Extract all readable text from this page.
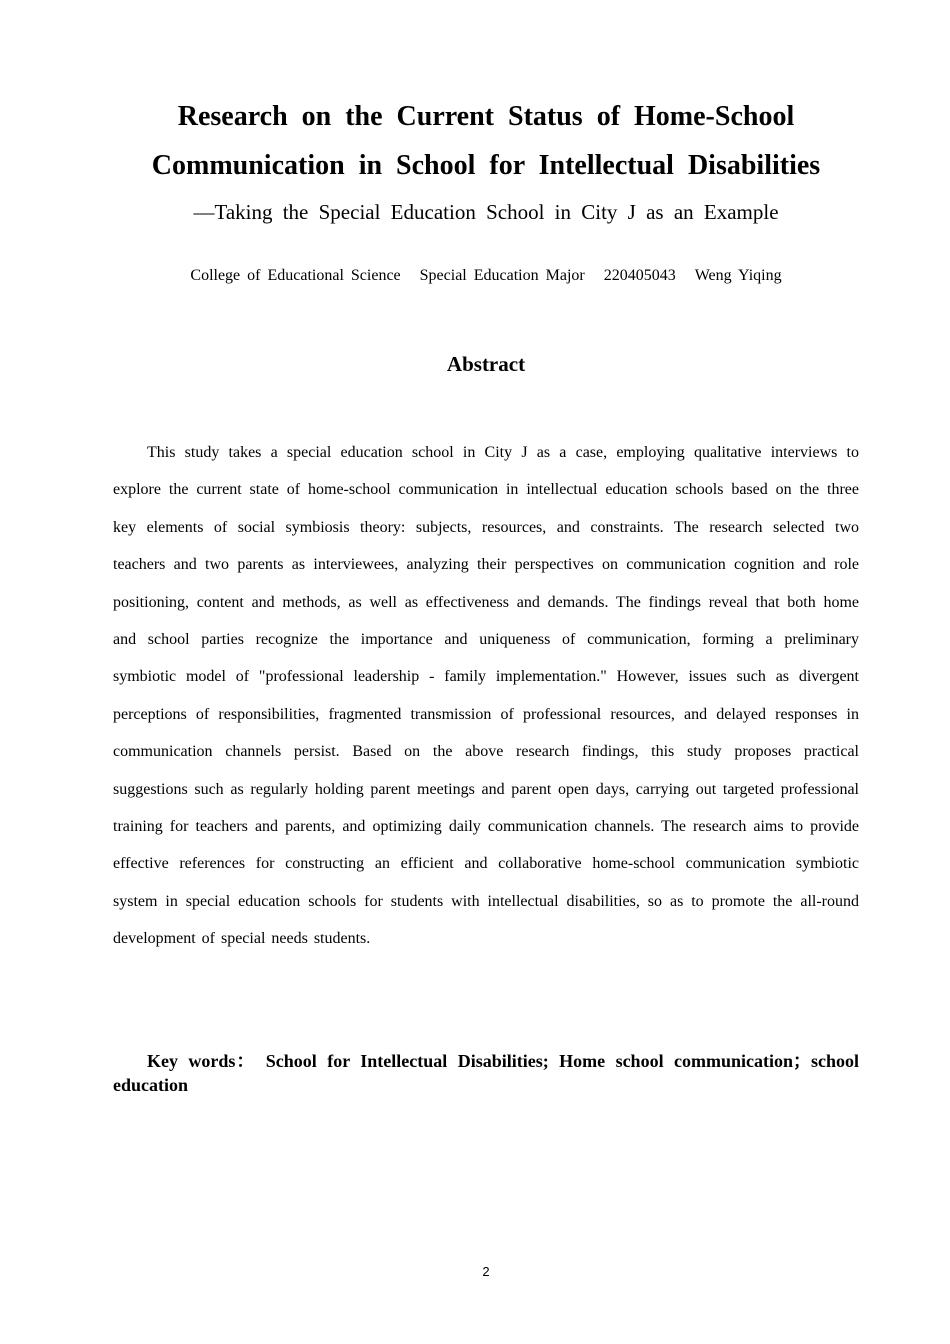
Research on the Current Status of Home-School Communication in School for Intellectual Disabilities

—Taking the Special Education School in City J as an Example

College of Educational Science Special Education Major 220405043 Weng Yiqing

Abstract

This study takes a special education school in City J as a case, employing qualitative interviews to explore the current state of home-school communication in intellectual education schools based on the three key elements of social symbiosis theory: subjects, resources, and constraints. The research selected two teachers and two parents as interviewees, analyzing their perspectives on communication cognition and role positioning, content and methods, as well as effectiveness and demands. The findings reveal that both home and school parties recognize the importance and uniqueness of communication, forming a preliminary symbiotic model of "professional leadership - family implementation." However, issues such as divergent perceptions of responsibilities, fragmented transmission of professional resources, and delayed responses in communication channels persist. Based on the above research findings, this study proposes practical suggestions such as regularly holding parent meetings and parent open days, carrying out targeted professional training for teachers and parents, and optimizing daily communication channels. The research aims to provide effective references for constructing an efficient and collaborative home-school communication symbiotic system in special education schools for students with intellectual disabilities, so as to promote the all-round development of special needs students.

Key words： School for Intellectual Disabilities; Home school communication；school education

2
